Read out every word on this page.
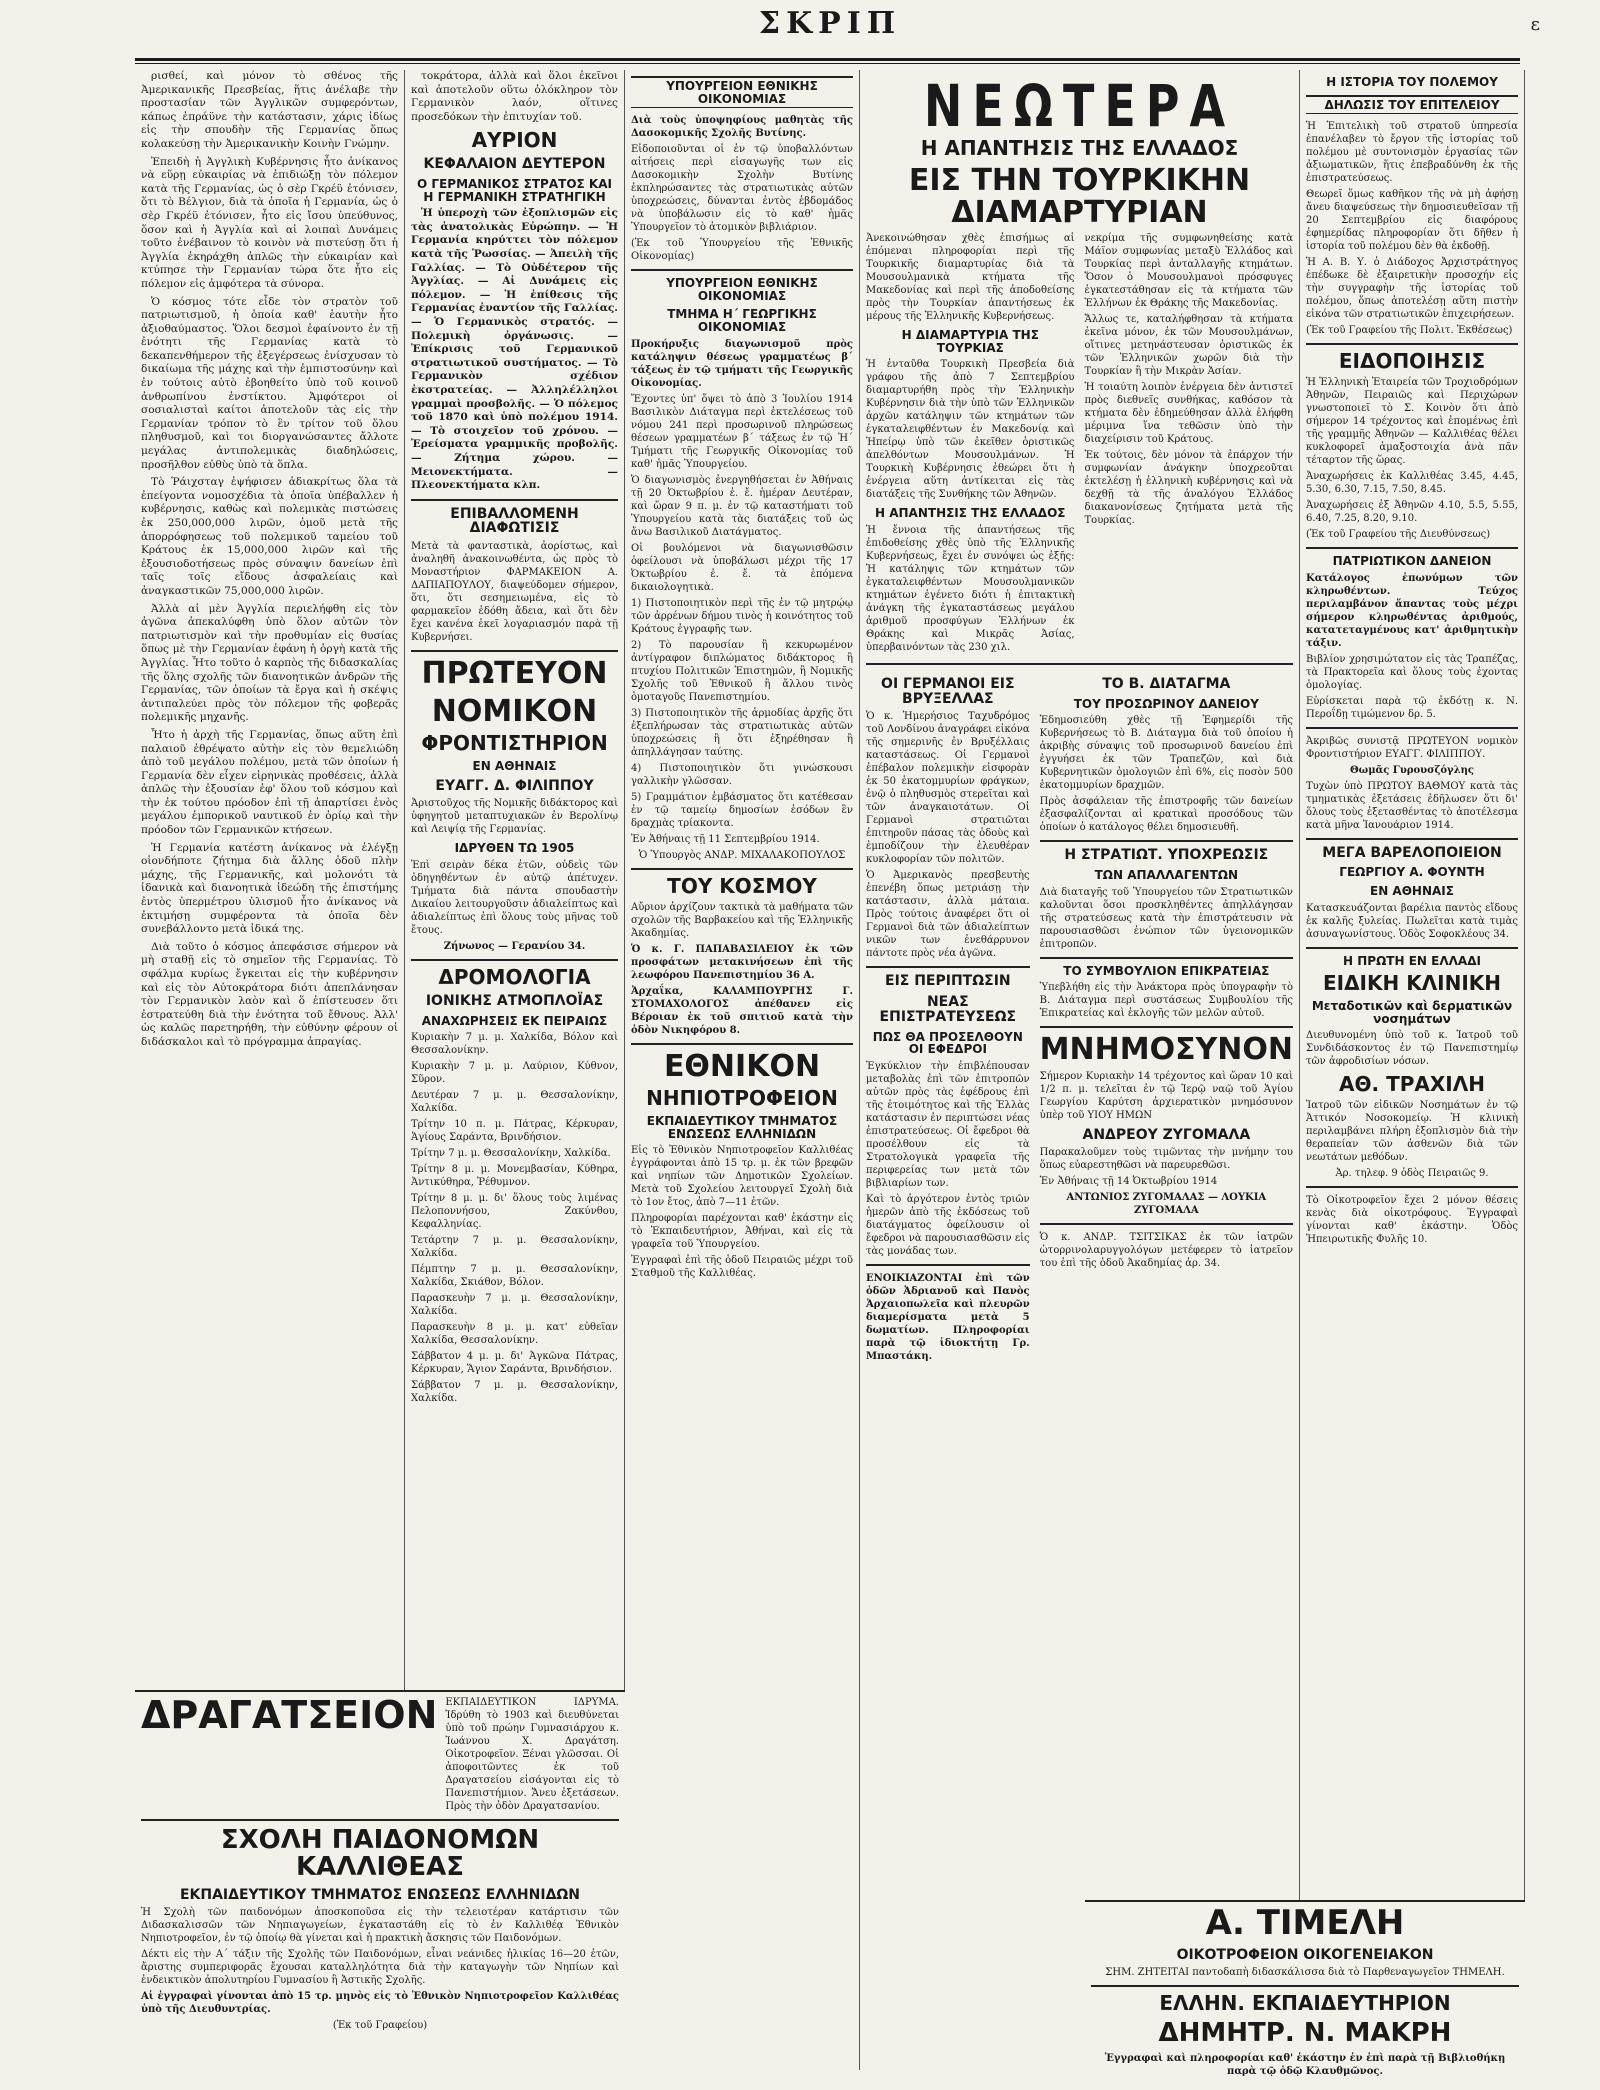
ΣΚΡΙΠ	ε

ρισθεί, καὶ μόνον τὸ σθένος τῆς Ἀμερικανικῆς Πρεσβείας, ἥτις ἀνέλαβε τὴν προστασίαν τῶν Ἀγγλικῶν συμφερόντων, κάπως ἐπράϋνε τὴν κατάστασιν, χάρις ἰδίως εἰς τὴν σπουδὴν τῆς Γερμανίας ὅπως κολακεύσῃ τὴν Ἀμερικανικὴν Κοινὴν Γνώμην.

Ἐπειδὴ ἡ Ἀγγλικὴ Κυβέρνησις ἦτο ἀνίκανος νὰ εὕρῃ εὐκαιρίας νὰ ἐπιδιώξῃ τὸν πόλεμον κατὰ τῆς Γερμανίας, ὡς ὁ σὲρ Γκρέϋ ἐτόνισεν, ὅτι τὸ Βέλγιον, διὰ τὰ ὁποῖα ἡ Γερμανία, ὡς ὁ σὲρ Γκρέϋ ἐτόνισεν, ἦτο εἰς ἴσου ὑπεύθυνος, ὅσον καὶ ἡ Ἀγγλία καὶ αἱ λοιπαὶ Δυνάμεις τοῦτο ἐνέβαινον τὸ κοινὸν νὰ πιστεύσῃ ὅτι ἡ Ἀγγλία ἐκηράχθη ἀπλῶς τὴν εὐκαιρίαν καὶ κτύπησε τὴν Γερμανίαν τώρα ὅτε ἦτο εἰς πόλεμον εἰς ἀμφότερα τὰ σύνορα.

Ὁ κόσμος τότε εἶδε τὸν στρατὸν τοῦ πατριωτισμοῦ, ἡ ὁποία καθ' ἑαυτὴν ἦτο ἀξιοθαύμαστος. Ὅλοι δεσμοὶ ἐφαίνοντο ἐν τῇ ἐνότητι τῆς Γερμανίας κατὰ τὸ δεκαπενθήμερον τῆς ἐξεγέρσεως ἐνίσχυσαν τὸ δικαίωμα τῆς μάχης καὶ τὴν ἐμπιστοσύνην καὶ ἐν τούτοις αὐτὸ ἐβοηθείτο ὑπὸ τοῦ κοινοῦ ἀνθρωπίνου ἐνστίκτου. Ἀμφότεροι οἱ σοσιαλισταὶ καίτοι ἀποτελοῦν τὰς εἰς τὴν Γερμανίαν τρόπον τὸ ἓν τρίτον τοῦ ὅλου πληθυσμοῦ, καὶ τοι διοργανώσαντες ἄλλοτε μεγάλας ἀντιπολεμικὰς διαδηλώσεις, προσῆλθον εὐθὺς ὑπὸ τὰ ὅπλα.

Τὸ Ῥάιχσταγ ἐψήφισεν ἀδιακρίτως ὅλα τὰ ἐπείγοντα νομοσχέδια τὰ ὁποῖα ὑπέβαλλεν ἡ κυβέρνησις, καθὼς καὶ πολεμικὰς πιστώσεις ἐκ 250,000,000 λιρῶν, ὁμοῦ μετὰ τῆς ἀπορρόφησεως τοῦ πολεμικοῦ ταμείου τοῦ Κράτους ἐκ 15,000,000 λιρῶν καὶ τῆς ἐξουσιοδοτήσεως πρὸς σύναψιν δανείων ἐπὶ ταῖς τοῖς εἴδους ἀσφαλείαις καὶ ἀναγκαστικῶν 75,000,000 λιρῶν.

Ἀλλὰ αἱ μὲν Ἀγγλία περιελήφθη εἰς τὸν ἀγῶνα ἀπεκαλύφθη ὑπὸ ὅλον αὐτῶν τὸν πατριωτισμὸν καὶ τὴν προθυμίαν εἰς θυσίας ὅπως μὲ τὴν Γερμανίαν ἐφάνη ἡ ὀργὴ κατὰ τῆς Ἀγγλίας. Ἦτο τοῦτο ὁ καρπὸς τῆς διδασκαλίας τῆς ὅλης σχολῆς τῶν διανοητικῶν ἀνδρῶν τῆς Γερμανίας, τῶν ὁποίων τὰ ἔργα καὶ ἡ σκέψις ἀντιπαλεύει πρὸς τὸν πόλεμον τῆς φοβερᾶς πολεμικῆς μηχανῆς.

Ἦτο ἡ ἀρχὴ τῆς Γερμανίας, ὅπως αὕτη ἐπὶ παλαιοῦ ἐθρέψατο αὐτὴν εἰς τὸν θεμελιώδη ἀπὸ τοῦ μεγάλου πολέμου, μετὰ τῶν ὁποίων ἡ Γερμανία δὲν εἶχεν εἰρηνικὰς προθέσεις, ἀλλὰ ἁπλῶς τὴν ἐξουσίαν ἐφ' ὅλου τοῦ κόσμου καὶ τὴν ἐκ τούτου πρόοδον ἐπὶ τῇ ἀπαρτίσει ἑνὸς μεγάλου ἐμπορικοῦ ναυτικοῦ ἐν ὁρίῳ καὶ τὴν πρόοδον τῶν Γερμανικῶν κτήσεων.

Ἡ Γερμανία κατέστη ἀνίκανος νὰ ἐλέγξῃ οἱονδήποτε ζήτημα διὰ ἄλλης ὁδοῦ πλὴν μάχης, τῆς Γερμανικῆς, καὶ μολονότι τὰ ἰδανικὰ καὶ διανοητικὰ ἰδεώδη τῆς ἐπιστήμης ἐντὸς ὑπερμέτρου ὑλισμοῦ ἦτο ἀνίκανος νὰ ἐκτιμήσῃ συμφέροντα τὰ ὁποῖα δὲν συνεβάλλοντο μετὰ ἰδικά της.

Διὰ τοῦτο ὁ κόσμος ἀπεφάσισε σήμερον νὰ μὴ σταθῇ εἰς τὸ σημεῖον τῆς Γερμανίας. Τὸ σφάλμα κυρίως ἔγκειται εἰς τὴν κυβέρνησιν καὶ εἰς τὸν Αὐτοκράτορα διότι ἀπεπλάνησαν τὸν Γερμανικὸν λαὸν καὶ ὅ ἐπίστευσεν ὅτι ἐστρατεύθη διὰ τὴν ἑνότητα τοῦ ἔθνους. Ἀλλ' ὡς καλῶς παρετηρήθη, τὴν εὐθύνην φέρουν οἱ διδάσκαλοι καὶ τὸ πρόγραμμα ἀπραγίας.

τοκράτορα, ἀλλὰ καὶ ὅλοι ἐκεῖνοι καὶ ἀποτελοῦν οὕτω ὁλόκληρον τὸν Γερμανικὸν λαόν, οἵτινες προσεδόκων τὴν ἐπιτυχίαν τοῦ.

ΑΥΡΙΟΝ
ΚΕΦΑΛΑΙΟΝ ΔΕΥΤΕΡΟΝ
Ο ΓΕΡΜΑΝΙΚΟΣ ΣΤΡΑΤΟΣ ΚΑΙ Η ΓΕΡΜΑΝΙΚΗ ΣΤΡΑΤΗΓΙΚΗ

Ἡ ὑπεροχὴ τῶν ἐξοπλισμῶν εἰς τὰς ἀνατολικὰς Εὐρώπην. — Ἡ Γερμανία κηρύττει τὸν πόλεμον κατὰ τῆς Ῥωσσίας. — Ἀπειλὴ τῆς Γαλλίας. — Τὸ Οὐδέτερον τῆς Ἀγγλίας. — Αἱ Δυνάμεις εἰς πόλεμον. — Ἡ ἐπίθεσις τῆς Γερμανίας ἐναντίον τῆς Γαλλίας. — Ὁ Γερμανικὸς στρατός. — Πολεμικὴ ὀργάνωσις. — Ἐπίκρισις τοῦ Γερμανικοῦ στρατιωτικοῦ συστήματος. — Τὸ Γερμανικὸν σχέδιον ἐκστρατείας. — Ἀλληλέλληλοι γραμμαὶ προσβολῆς. — Ὁ πόλεμος τοῦ 1870 καὶ ὑπὸ πολέμου 1914. — Τὸ στοιχεῖον τοῦ χρόνου. — Ἐρείσματα γραμμικῆς προβολῆς. — Ζήτημα χώρου. — Μειονεκτήματα. — Πλεονεκτήματα κλπ.

ΕΠΙΒΑΛΛΟΜΕΝΗ ΔΙΑΦΩΤΙΣΙΣ

Μετὰ τὰ φανταστικὰ, ἀορίστως, καὶ ἀναληθῆ ἀνακοινωθέντα, ὡς πρὸς τὸ Μοναστήριον ΦΑΡΜΑΚΕΙΟΝ Α. ΔΑΠΙΑΠΟΥΛΟΥ, διαψεύδομεν σήμερον, ὅτι, ὅτι σεσημειωμένα, εἰς τὸ φαρμακεῖον ἐδόθη ἄδεια, καὶ ὅτι δὲν ἔχει κανένα ἐκεῖ λογαριασμόν παρὰ τῇ Κυβερνήσει.

ΠΡΩΤΕΥΟΝ
ΝΟΜΙΚΟΝ
ΦΡΟΝΤΙΣΤΗΡΙΟΝ
ΕΝ ΑΘΗΝΑΙΣ
ΕΥΑΓΓ. Δ. ΦΙΛΙΠΠΟΥ

Ἀριστοῦχος τῆς Νομικῆς διδάκτορος καὶ ὑφηγητοῦ μεταπτυχιακῶν ἐν Βερολίνῳ καὶ Λειψίᾳ τῆς Γερμανίας.

ΙΔΡΥΘΕΝ ΤΩ 1905

Ἐπὶ σειρὰν δέκα ἐτῶν, οὐδεὶς τῶν ὁδηγηθέντων ἐν αὐτῷ ἀπέτυχεν. Τμήματα διὰ πάντα σπουδαστὴν Δικαίου λειτουργοῦσιν ἀδιαλείπτως καὶ ἀδιαλείπτως ἐπὶ ὅλους τοὺς μῆνας τοῦ ἔτους.

Ζήνωνος — Γερανίου 34.

ΔΡΟΜΟΛΟΓΙΑ
ΙΟΝΙΚΗΣ ΑΤΜΟΠΛΟΪΑΣ
ΑΝΑΧΩΡΗΣΕΙΣ ΕΚ ΠΕΙΡΑΙΩΣ

Κυριακὴν 7 μ. μ. Χαλκίδα, Βόλον καὶ Θεσσαλονίκην.

Κυριακὴν 7 μ. μ. Λαύριον, Κύθνον, Σῦρον.

Δευτέραν 7 μ. μ. Θεσσαλονίκην, Χαλκίδα.

Τρίτην 10 π. μ. Πάτρας, Κέρκυραν, Ἁγίους Σαράντα, Βρινδήσιον.

Τρίτην 7 μ. μ. Θεσσαλονίκην, Χαλκίδα.

Τρίτην 8 μ. μ. Μονεμβασίαν, Κύθηρα, Ἀντικύθηρα, Ῥέθυμνον.

Τρίτην 8 μ. μ. δι' ὅλους τοὺς λιμένας Πελοποννήσου, Ζακύνθου, Κεφαλληνίας.

Τετάρτην 7 μ. μ. Θεσσαλονίκην, Χαλκίδα.

Πέμπτην 7 μ. μ. Θεσσαλονίκην, Χαλκίδα, Σκιάθον, Βόλον.

Παρασκευὴν 7 μ. μ. Θεσσαλονίκην, Χαλκίδα.

Παρασκευὴν 8 μ. μ. κατ' εὐθεῖαν Χαλκίδα, Θεσσαλονίκην.

Σάββατον 4 μ. μ. δι' Ἀγκῶνα Πάτρας, Κέρκυραν, Ἅγιον Σαράντα, Βρινδήσιον.

Σάββατον 7 μ. μ. Θεσσαλονίκην, Χαλκίδα.

ΥΠΟΥΡΓΕΙΟΝ ΕΘΝΙΚΗΣ ΟΙΚΟΝΟΜΙΑΣ

Διὰ τοὺς ὑποψηφίους μαθητὰς τῆς Δασοκομικῆς Σχολῆς Βυτίνης.

Εἰδοποιοῦνται οἱ ἐν τῷ ὑποβαλλόντων αἰτήσεις περὶ εἰσαγωγῆς των εἰς Δασοκομικὴν Σχολὴν Βυτίνης ἐκπληρώσαντες τὰς στρατιωτικὰς αὐτῶν ὑποχρεώσεις, δύνανται ἐντὸς ἑβδομάδος νὰ ὑποβάλωσιν εἰς τὸ καθ' ἡμᾶς Ὑπουργεῖον τὸ ἀτομικὸν βιβλιάριον.

(Ἐκ τοῦ Ὑπουργείου τῆς Ἐθνικῆς Οἰκονομίας)

ΥΠΟΥΡΓΕΙΟΝ ΕΘΝΙΚΗΣ ΟΙΚΟΝΟΜΙΑΣ
ΤΜΗΜΑ Η΄ ΓΕΩΡΓΙΚΗΣ ΟΙΚΟΝΟΜΙΑΣ

Προκήρυξις διαγωνισμοῦ πρὸς κατάληψιν θέσεως γραμματέως β΄ τάξεως ἐν τῷ τμήματι τῆς Γεωργικῆς Οἰκονομίας.

Ἔχοντες ὑπ' ὄψει τὸ ἀπὸ 3 Ἰουλίου 1914 Βασιλικὸν Διάταγμα περὶ ἐκτελέσεως τοῦ νόμου 241 περὶ προσωρινοῦ πληρώσεως θέσεων γραμματέων β΄ τάξεως ἐν τῷ Ἡ΄ Τμήματι τῆς Γεωργικῆς Οἰκονομίας τοῦ καθ' ἡμᾶς Ὑπουργείου.

Ὁ διαγωνισμὸς ἐνεργηθήσεται ἐν Ἀθήναις τῇ 20 Ὀκτωβρίου ἐ. ἔ. ἡμέραν Δευτέραν, καὶ ὥραν 9 π. μ. ἐν τῷ καταστήματι τοῦ Ὑπουργείου κατὰ τὰς διατάξεις τοῦ ὡς ἄνω Βασιλικοῦ Διατάγματος.

Οἱ βουλόμενοι νὰ διαγωνισθῶσιν ὀφείλουσι νὰ ὑποβάλωσι μέχρι τῆς 17 Ὀκτωβρίου ἐ. ἔ. τὰ ἑπόμενα δικαιολογητικὰ.

1) Πιστοποιητικὸν περὶ τῆς ἐν τῷ μητρῴῳ τῶν ἀρρένων δήμου τινὸς ἡ κοινότητος τοῦ Κράτους ἐγγραφῆς των.

2) Τὸ παρουσίαν ἢ κεκυρωμένον ἀντίγραφον διπλώματος διδάκτορος ἢ πτυχίου Πολιτικῶν Ἐπιστημῶν, ἢ Νομικῆς Σχολῆς τοῦ Ἐθνικοῦ ἢ ἄλλου τινὸς ὁμοταγοῦς Πανεπιστημίου.

3) Πιστοποιητικὸν τῆς ἁρμοδίας ἀρχῆς ὅτι ἐξεπλήρωσαν τὰς στρατιωτικὰς αὐτῶν ὑποχρεώσεις ἢ ὅτι ἐξηρέθησαν ἢ ἀπηλλάγησαν ταύτης.

4) Πιστοποιητικὸν ὅτι γινώσκουσι γαλλικὴν γλῶσσαν.

5) Γραμμάτιον ἐμβάσματος ὅτι κατέθεσαν ἐν τῷ ταμείῳ δημοσίων ἐσόδων ἓν δραχμὰς τρίακοντα.

Ἐν Ἀθήναις τῇ 11 Σεπτεμβρίου 1914.

Ὁ Ὑπουργὸς ΑΝΔΡ. ΜΙΧΑΛΑΚΟΠΟΥΛΟΣ

ΤΟΥ ΚΟΣΜΟΥ

Αὔριον ἀρχίζουν τακτικὰ τὰ μαθήματα τῶν σχολῶν τῆς Βαρβακείου καὶ τῆς Ἑλληνικῆς Ἀκαδημίας.

Ὁ κ. Γ. ΠΑΠΑΒΑΣΙΛΕΙΟΥ ἐκ τῶν προσφάτων μετακινήσεων ἐπὶ τῆς λεωφόρου Πανεπιστημίου 36 Α.

Ἀρχαΐκα, ΚΑΛΑΜΠΟΥΡΓΗΣ Γ. ΣΤΟΜΑΧΟΛΟΓΟΣ ἀπέθανεν εἰς Βέροιαν ἐκ τοῦ σπιτιοῦ κατὰ τὴν ὁδὸν Νικηφόρου 8.

ΕΘΝΙΚΟΝ
ΝΗΠΙΟΤΡΟΦΕΙΟΝ
ΕΚΠΑΙΔΕΥΤΙΚΟΥ ΤΜΗΜΑΤΟΣ ΕΝΩΣΕΩΣ ΕΛΛΗΝΙΔΩΝ

Εἰς τὸ Ἐθνικὸν Νηπιοτροφεῖον Καλλιθέας ἐγγράφονται ἀπὸ 15 τρ. μ. ἐκ τῶν βρεφῶν καὶ νηπίων τῶν Δημοτικῶν Σχολείων. Μετὰ τοῦ Σχολείου λειτουργεῖ Σχολὴ διὰ τὸ 1ον ἔτος, ἀπὸ 7—11 ἐτῶν.

Πληροφορίαι παρέχονται καθ' ἑκάστην εἰς τὸ Ἐκπαιδευτήριον, Ἀθήναι, καὶ εἰς τὰ γραφεῖα τοῦ Ὑπουργείου.

Ἐγγραφαὶ ἐπὶ τῆς ὁδοῦ Πειραιῶς μέχρι τοῦ Σταθμοῦ τῆς Καλλιθέας.

ΝΕΩΤΕΡΑ
Η ΑΠΑΝΤΗΣΙΣ ΤΗΣ ΕΛΛΑΔΟΣ
ΕΙΣ ΤΗΝ ΤΟΥΡΚΙΚΗΝ ΔΙΑΜΑΡΤΥΡΙΑΝ

Ἀνεκοινώθησαν χθὲς ἐπισήμως αἱ ἐπόμεναι πληροφορίαι περὶ τῆς Τουρκικῆς διαμαρτυρίας διὰ τὰ Μουσουλμανικὰ κτήματα τῆς Μακεδονίας καὶ περὶ τῆς ἀποδοθείσης πρὸς τὴν Τουρκίαν ἀπαντήσεως ἐκ μέρους τῆς Ἑλληνικῆς Κυβερνήσεως.

Η ΔΙΑΜΑΡΤΥΡΙΑ ΤΗΣ ΤΟΥΡΚΙΑΣ

Ἡ ἐνταῦθα Τουρκικὴ Πρεσβεία διὰ γράφου τῆς ἀπὸ 7 Σεπτεμβρίου διαμαρτυρήθη πρὸς τὴν Ἑλληνικὴν Κυβέρνησιν διὰ τὴν ὑπὸ τῶν Ἑλληνικῶν ἀρχῶν κατάληψιν τῶν κτημάτων τῶν ἐγκαταλειφθέντων ἐν Μακεδονίᾳ καὶ Ἠπείρῳ ὑπὸ τῶν ἐκεῖθεν ὁριστικῶς ἀπελθόντων Μουσουλμάνων. Ἡ Τουρκικὴ Κυβέρνησις ἐθεώρει ὅτι ἡ ἐνέργεια αὕτη ἀντίκειται εἰς τὰς διατάξεις τῆς Συνθήκης τῶν Ἀθηνῶν.

Η ΑΠΑΝΤΗΣΙΣ ΤΗΣ ΕΛΛΑΔΟΣ

Ἡ ἔννοια τῆς ἀπαντήσεως τῆς ἐπιδοθείσης χθὲς ὑπὸ τῆς Ἑλληνικῆς Κυβερνήσεως, ἔχει ἐν συνόψει ὡς ἑξῆς: Ἡ κατάληψις τῶν κτημάτων τῶν ἐγκαταλειφθέντων Μουσουλμανικῶν κτημάτων ἐγένετο διότι ἡ ἐπιτακτικὴ ἀνάγκη τῆς ἐγκαταστάσεως μεγάλου ἀριθμοῦ προσφύγων Ἑλλήνων ἐκ Θράκης καὶ Μικρᾶς Ἀσίας, ὑπερβαινόντων τὰς 230 χιλ.

νεκρίμα τῆς συμφωνηθείσης κατὰ Μάϊον συμφωνίας μεταξὺ Ἑλλάδος καὶ Τουρκίας περὶ ἀνταλλαγῆς κτημάτων. Ὅσον ὁ Μουσουλμανοὶ πρόσφυγες ἐγκατεστάθησαν εἰς τὰ κτήματα τῶν Ἑλλήνων ἐκ Θράκης τῆς Μακεδονίας.

Ἄλλως τε, καταλήφθησαν τὰ κτήματα ἐκεῖνα μόνον, ἐκ τῶν Μουσουλμάνων, οἵτινες μετηνάστευσαν ὁριστικῶς ἐκ τῶν Ἑλληνικῶν χωρῶν διὰ τὴν Τουρκίαν ἢ τὴν Μικρὰν Ἀσίαν.

Ἡ τοιαύτη λοιπὸν ἐνέργεια δὲν ἀντιστεῖ πρὸς διεθνεῖς συνθήκας, καθόσον τὰ κτήματα δὲν ἐδημεύθησαν ἀλλὰ ἐλήφθη μέριμνα ἵνα τεθῶσιν ὑπὸ τὴν διαχείρισιν τοῦ Κράτους.

Ἐκ τούτοις, δὲν μόνον τὰ ἐπάρχον τήν συμφωνίαν ἀνάγκην ὑποχρεοῦται ἐκτελέσῃ ἡ ἑλληνικὴ κυβέρνησις καὶ νὰ δεχθῇ τὰ τῆς ἀναλόγου Ἑλλάδος διακανονίσεως ζητήματα μετὰ τῆς Τουρκίας.

ΟΙ ΓΕΡΜΑΝΟΙ ΕΙΣ ΒΡΥΞΕΛΛΑΣ

Ὁ κ. Ἡμερήσιος Ταχυδρόμος τοῦ Λονδίνου ἀναγράφει εἰκόνα τῆς σημερινῆς ἐν Βρυξέλλαις καταστάσεως. Οἱ Γερμανοὶ ἐπέβαλον πολεμικὴν εἰσφορὰν ἐκ 50 ἑκατομμυρίων φράγκων, ἐνῷ ὁ πληθυσμὸς στερεῖται καὶ τῶν ἀναγκαιοτάτων. Οἱ Γερμανοὶ στρατιῶται ἐπιτηροῦν πάσας τὰς ὁδοὺς καὶ ἐμποδίζουν τὴν ἐλευθέραν κυκλοφορίαν τῶν πολιτῶν.

Ὁ Ἀμερικανὸς πρεσβευτὴς ἐπενέβη ὅπως μετριάσῃ τὴν κατάστασιν, ἀλλὰ μάταια. Πρὸς τούτοις ἀναφέρει ὅτι οἱ Γερμανοὶ διὰ τῶν ἀδιαλείπτων νικῶν των ἐνεθάρρυνον πάντοτε πρὸς νέα ἀγῶνα.

ΕΙΣ ΠΕΡΙΠΤΩΣΙΝ
ΝΕΑΣ ΕΠΙΣΤΡΑΤΕΥΣΕΩΣ
ΠΩΣ ΘΑ ΠΡΟΣΕΛΘΟΥΝ ΟΙ ΕΦΕΔΡΟΙ

Ἐγκύκλιον τὴν ἐπιβλέπουσαν μεταβολὰς ἐπὶ τῶν ἐπιτροπῶν αὐτῶν πρὸς τὰς ἐφέδρους ἐπὶ τῆς ἑτοιμότητος καὶ τῆς Ἐλλὰς κατάστασιν ἐν περιπτώσει νέας ἐπιστρατεύσεως. Οἱ ἔφεδροι θὰ προσέλθουν εἰς τὰ Στρατολογικὰ γραφεῖα τῆς περιφερείας των μετὰ τῶν βιβλιαρίων των.

Καὶ τὸ ἀργότερον ἐντὸς τριῶν ἡμερῶν ἀπὸ τῆς ἐκδόσεως τοῦ διατάγματος ὀφείλουσιν οἱ ἔφεδροι νὰ παρουσιασθῶσιν εἰς τὰς μονάδας των.

ΕΝΟΙΚΙΑΖΟΝΤΑΙ ἐπὶ τῶν ὁδῶν Ἀδριανοῦ καὶ Πανὸς Ἀρχαιοπωλεῖα καὶ πλευρῶν διαμερίσματα μετὰ 5 δωματίων. Πληροφορίαι παρὰ τῷ ἰδιοκτήτῃ Γρ. Μπαστάκη.

ΤΟ Β. ΔΙΑΤΑΓΜΑ
ΤΟΥ ΠΡΟΣΩΡΙΝΟΥ ΔΑΝΕΙΟΥ

Ἐδημοσιεύθη χθὲς τῇ Ἐφημερίδι τῆς Κυβερνήσεως τὸ Β. Διάταγμα διὰ τοῦ ὁποίου ἡ ἀκριβὴς σύναψις τοῦ προσωρινοῦ δανείου ἐπὶ ἐγγυήσει ἐκ τῶν Τραπεζῶν, καὶ διὰ Κυβερνητικῶν ὁμολογιῶν ἐπὶ 6%, εἰς ποσὸν 500 ἑκατομμυρίων δραχμῶν.

Πρὸς ἀσφάλειαν τῆς ἐπιστροφῆς τῶν δανείων ἐξασφαλίζονται αἱ κρατικαὶ προσόδους τῶν ὁποίων ὁ κατάλογος θέλει δημοσιευθῆ.

Η ΣΤΡΑΤΙΩΤ. ΥΠΟΧΡΕΩΣΙΣ
ΤΩΝ ΑΠΑΛΛΑΓΕΝΤΩΝ

Διὰ διαταγῆς τοῦ Ὑπουργείου τῶν Στρατιωτικῶν καλοῦνται ὅσοι προσκληθέντες ἀπηλλάγησαν τῆς στρατεύσεως κατὰ τὴν ἐπιστράτευσιν νὰ παρουσιασθῶσι ἐνώπιον τῶν ὑγειονομικῶν ἐπιτροπῶν.

ΤΟ ΣΥΜΒΟΥΛΙΟΝ ΕΠΙΚΡΑΤΕΙΑΣ

Ὑπεβλήθη εἰς τὴν Ἀνάκτορα πρὸς ὑπογραφὴν τὸ Β. Διάταγμα περὶ συστάσεως Συμβουλίου τῆς Ἐπικρατείας καὶ ἐκλογῆς τῶν μελῶν αὐτοῦ.

ΜΝΗΜΟΣΥΝΟΝ

Σήμερον Κυριακὴν 14 τρέχοντος καὶ ὥραν 10 καὶ 1/2 π. μ. τελεῖται ἐν τῷ Ἱερῷ ναῷ τοῦ Ἁγίου Γεωργίου Καρύτση ἀρχιερατικὸν μνημόσυνον ὑπὲρ τοῦ ΥΙΟΥ ΗΜΩΝ

ΑΝΔΡΕΟΥ ΖΥΓΟΜΑΛΑ

Παρακαλοῦμεν τοὺς τιμῶντας τὴν μνήμην του ὅπως εὐαρεστηθῶσι νὰ παρευρεθῶσι.

Ἐν Ἀθήναις τῇ 14 Ὀκτωβρίου 1914

ΑΝΤΩΝΙΟΣ ΖΥΓΟΜΑΛΑΣ — ΛΟΥΚΙΑ ΖΥΓΟΜΑΛΑ

Ὁ κ. ΑΝΔΡ. ΤΣΙΤΣΙΚΑΣ ἐκ τῶν ἰατρῶν ὠτορρινολαρυγγολόγων μετέφερεν τὸ ἰατρεῖον του ἐπὶ τῆς ὁδοῦ Ἀκαδημίας ἀρ. 34.

Η ΙΣΤΟΡΙΑ ΤΟΥ ΠΟΛΕΜΟΥ
ΔΗΛΩΣΙΣ ΤΟΥ ΕΠΙΤΕΛΕΙΟΥ

Ἡ Ἐπιτελικὴ τοῦ στρατοῦ ὑπηρεσία ἐπανέλαβεν τὸ ἔργον τῆς ἱστορίας τοῦ πολέμου μὲ συντονισμὸν ἐργασίας τῶν ἀξιωματικῶν, ἥτις ἐπεβραδύνθη ἐκ τῆς ἐπιστρατεύσεως.

Θεωρεῖ ὅμως καθῆκον τῆς νὰ μὴ ἀφήσῃ ἄνευ διαψεύσεως τὴν δημοσιευθεῖσαν τῇ 20 Σεπτεμβρίου εἰς διαφόρους ἐφημερίδας πληροφορίαν ὅτι δῆθεν ἡ ἱστορία τοῦ πολέμου δὲν θὰ ἐκδοθῇ.

Ἡ Α. Β. Υ. ὁ Διάδοχος Ἀρχιστράτηγος ἐπέδωκε δὲ ἐξαιρετικὴν προσοχήν εἰς τὴν συγγραφὴν τῆς ἱστορίας τοῦ πολέμου, ὅπως ἀποτελέσῃ αὕτη πιστὴν εἰκόνα τῶν στρατιωτικῶν ἐπιχειρήσεων.

(Ἐκ τοῦ Γραφείου τῆς Πολιτ. Ἐκθέσεως)

ΕΙΔΟΠΟΙΗΣΙΣ

Ἡ Ἑλληνικὴ Ἑταιρεία τῶν Τροχιοδρόμων Ἀθηνῶν, Πειραιῶς καὶ Περιχώρων γνωστοποιεῖ τὸ Σ. Κοινὸν ὅτι ἀπὸ σήμερον 14 τρέχοντος καὶ ἑπομένως ἐπὶ τῆς γραμμῆς Ἀθηνῶν — Καλλιθέας θέλει κυκλοφορεῖ ἁμαξοστοιχία ἀνὰ πᾶν τέταρτον τῆς ὥρας.

Ἀναχωρήσεις ἐκ Καλλιθέας 3.45, 4.45, 5.30, 6.30, 7.15, 7.50, 8.45.

Ἀναχωρήσεις ἐξ Ἀθηνῶν 4.10, 5.5, 5.55, 6.40, 7.25, 8.20, 9.10.

(Ἐκ τοῦ Γραφείου τῆς Διευθύνσεως)

ΠΑΤΡΙΩΤΙΚΟΝ ΔΑΝΕΙΟΝ

Κατάλογος ἐπωνύμων τῶν κληρωθέντων. Τεύχος περιλαμβάνον ἅπαντας τοὺς μέχρι σήμερον κληρωθέντας ἀριθμούς, κατατεταγμένους κατ' ἀριθμητικὴν τάξιν.

Βιβλίον χρησιμώτατον εἰς τὰς Τραπέζας, τὰ Πρακτορεῖα καὶ ὅλους τοὺς ἐχοντας ὁμολογίας.

Εὑρίσκεται παρὰ τῷ ἐκδότῃ κ. Ν. Περοΐδῃ τιμώμενον δρ. 5.

Ἀκριβῶς συνιστᾷ ΠΡΩΤΕΥΟΝ νομικὸν Φροντιστήριον ΕΥΑΓΓ. ΦΙΛΙΠΠΟΥ.

Θωμᾶς Γυρουσζόγλης

Τυχὼν ὑπὸ ΠΡΩΤΟΥ ΒΑΘΜΟΥ κατὰ τὰς τμηματικὰς ἐξετάσεις ἐδῆλωσεν ὅτι δι' ὅλους τοὺς ἐξετασθέντας τὸ ἀποτέλεσμα κατὰ μῆνα Ἰανουάριον 1914.

ΜΕΓΑ ΒΑΡΕΛΟΠΟΙΕΙΟΝ
ΓΕΩΡΓΙΟΥ Α. ΦΟΥΝΤΗ
ΕΝ ΑΘΗΝΑΙΣ

Κατασκευάζονται βαρέλια παντὸς εἴδους ἐκ καλῆς ξυλείας. Πωλεῖται κατὰ τιμὰς ἀσυναγωνίστους. Ὁδὸς Σοφοκλέους 34.

Η ΠΡΩΤΗ ΕΝ ΕΛΛΑΔΙ
ΕΙΔΙΚΗ ΚΛΙΝΙΚΗ
Μεταδοτικῶν καὶ δερματικῶν νοσημάτων

Διευθυνομένη ὑπὸ τοῦ κ. Ἰατροῦ τοῦ Συνδιδάσκοντος ἐν τῷ Πανεπιστημίῳ τῶν ἀφροδισίων νόσων.

ΑΘ. ΤΡΑΧΙΛΗ

Ἰατροῦ τῶν εἰδικῶν Νοσημάτων ἐν τῷ Ἀττικόν Νοσοκομείῳ. Ἡ κλινικὴ περιλαμβάνει πλήρη ἐξοπλισμὸν διὰ τὴν θεραπείαν τῶν ἀσθενῶν διὰ τῶν νεωτάτων μεθόδων.

Ἀρ. τηλεφ. 9 ὁδὸς Πειραιῶς 9.

Τὸ Οἰκοτροφεῖον ἔχει 2 μόνον θέσεις κενὰς διὰ οἰκοτρόφους. Ἐγγραφαὶ γίνονται καθ' ἑκάστην. Ὁδὸς Ἠπειρωτικῆς Φυλῆς 10.

ΔΡΑΓΑΤΣΕΙΟΝ ΕΚΠΑΙΔΕΥΤΙΚΟΝ ΙΔΡΥΜΑ. Ἱδρύθη τὸ 1903 καὶ διευθύνεται ὑπὸ τοῦ πρώην Γυμνασιάρχου κ. Ἰωάννου Χ. Δραγάτση. Οἰκοτροφεῖον. Ξέναι γλῶσσαι. Οἱ ἀποφοιτῶντες ἐκ τοῦ Δραγατσείου εἰσάγονται εἰς τὸ Πανεπιστήμιον. Ἄνευ ἐξετάσεων. Πρὸς τὴν ὁδὸν Δραγατσανίου.

ΣΧΟΛΗ ΠΑΙΔΟΝΟΜΩΝ ΚΑΛΛΙΘΕΑΣ
ΕΚΠΑΙΔΕΥΤΙΚΟΥ ΤΜΗΜΑΤΟΣ ΕΝΩΣΕΩΣ ΕΛΛΗΝΙΔΩΝ

Ἡ Σχολὴ τῶν παιδονόμων ἀποσκοποῦσα εἰς τὴν τελειοτέραν κατάρτισιν τῶν Διδασκαλισσῶν τῶν Νηπιαγωγείων, ἐγκαταστάθη εἰς τὸ ἐν Καλλιθέᾳ Ἐθνικὸν Νηπιοτροφεῖον, ἐν τῷ ὁποίῳ θὰ γίνεται καὶ ἡ πρακτικὴ ἄσκησις τῶν Παιδονόμων.

Δέκτι εἰς τὴν Α΄ τάξιν τῆς Σχολῆς τῶν Παιδονόμων, εἶναι νεάνιδες ἡλικίας 16—20 ἐτῶν, ἄριστης συμπεριφορᾶς ἔχουσαι καταλληλότητα διὰ τὴν καταγωγὴν τῶν Νηπίων καὶ ἐνδεικτικὸν ἀπολυτηρίου Γυμνασίου ἢ Ἀστικῆς Σχολῆς.

Αἱ ἐγγραφαὶ γίνονται ἀπὸ 15 τρ. μηνὸς εἰς τὸ Ἐθνικὸν Νηπιοτροφεῖον Καλλιθέας ὑπὸ τῆς Διευθυντρίας.

(Ἐκ τοῦ Γραφείου)

Α. ΤΙΜΕΛΗ
ΟΙΚΟΤΡΟΦΕΙΟΝ ΟΙΚΟΓΕΝΕΙΑΚΟΝ

ΣΗΜ. ΖΗΤΕΙΤΑΙ παντοδαπὴ διδασκάλισσα διὰ τὸ Παρθεναγωγεῖον ΤΗΜΕΛΗ.

ΕΛΛΗΝ. ΕΚΠΑΙΔΕΥΤΗΡΙΟΝ
ΔΗΜΗΤΡ. Ν. ΜΑΚΡΗ

Ἐγγραφαὶ καὶ πληροφορίαι καθ' ἑκάστην ἐν ἐπὶ παρὰ τῇ Βιβλιοθήκῃ παρὰ τῷ ὁδῷ Κλαυθμῶνος.
